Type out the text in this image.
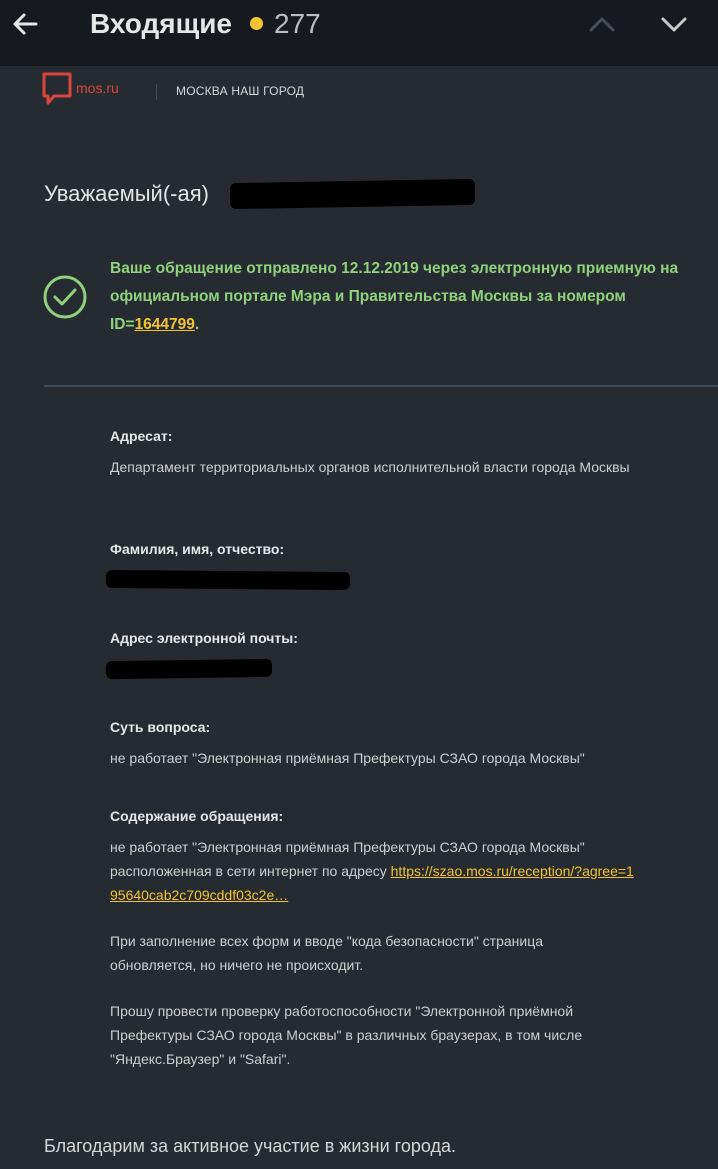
Входящие 277
mos.ru	МОСКВА НАШ ГОРОД
Уважаемый(-ая)
Ваше обращение отправлено 12.12.2019 через электронную приемную на официальном портале Мэра и Правительства Москвы за номером ID=1644799.
Адресат:
Департамент территориальных органов исполнительной власти города Москвы
Фамилия, имя, отчество:
Адрес электронной почты:
Суть вопроса:
не работает "Электронная приёмная Префектуры СЗАО города Москвы"
Содержание обращения:
не работает "Электронная приёмная Префектуры СЗАО города Москвы" расположенная в сети интернет по адресу https://szao.mos.ru/reception/?agree=195640cab2c709cddf03c2e…
При заполнение всех форм и вводе "кода безопасности" страница обновляется, но ничего не происходит.
Прошу провести проверку работоспособности "Электронной приёмной Префектуры СЗАО города Москвы" в различных браузерах, в том числе "Яндекс.Браузер" и "Safari".
Благодарим за активное участие в жизни города.
